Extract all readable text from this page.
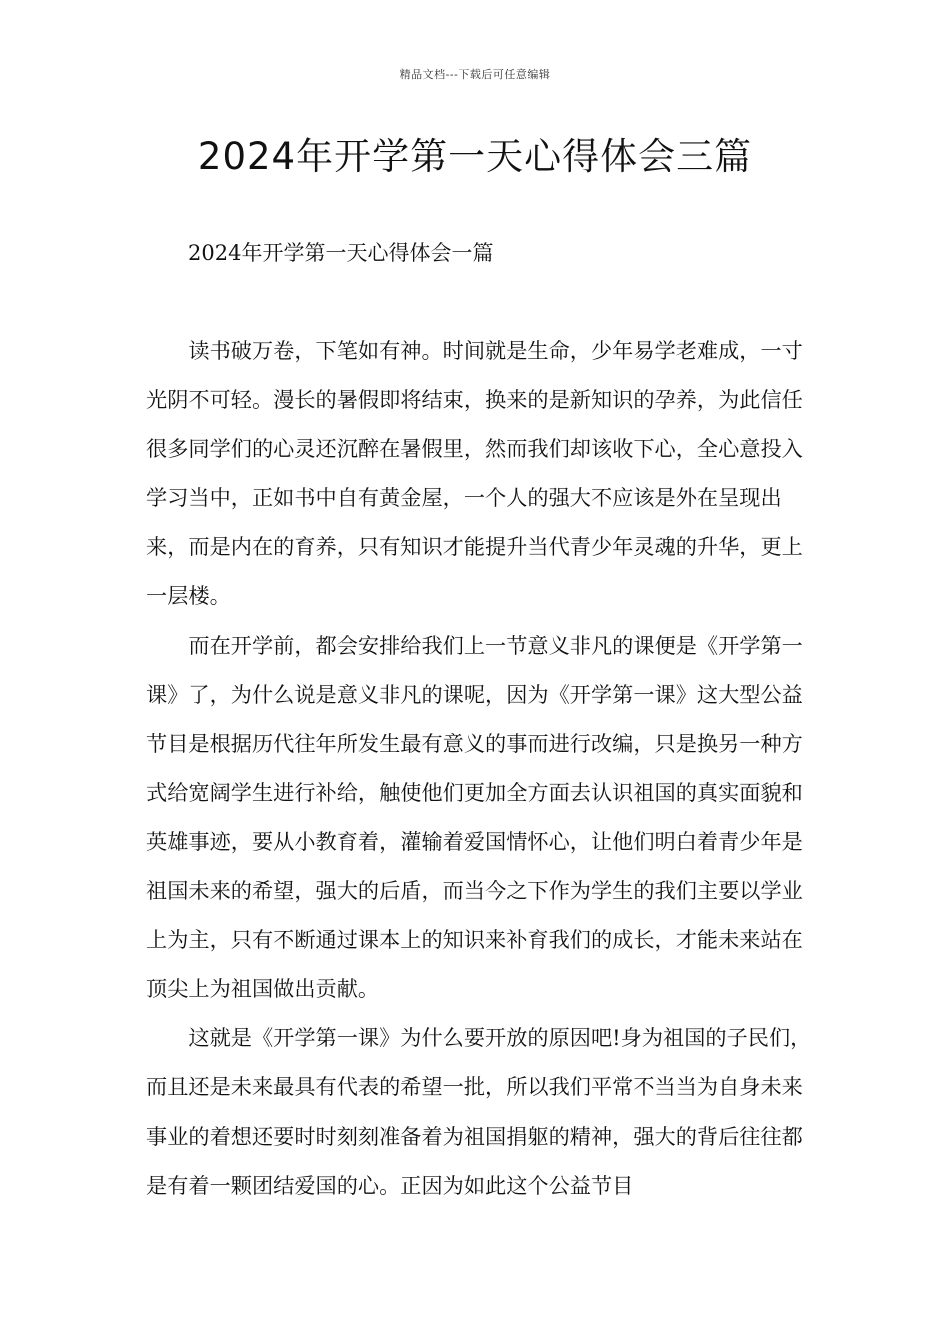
精品文档---下载后可任意编辑
2024年开学第一天心得体会三篇

2024年开学第一天心得体会一篇

读书破万卷，下笔如有神。时间就是生命，少年易学老难成，一寸光阴不可轻。漫长的暑假即将结束，换来的是新知识的孕养，为此信任很多同学们的心灵还沉醉在暑假里，然而我们却该收下心，全心意投入学习当中，正如书中自有黄金屋，一个人的强大不应该是外在呈现出来，而是内在的育养，只有知识才能提升当代青少年灵魂的升华，更上一层楼。

而在开学前，都会安排给我们上一节意义非凡的课便是《开学第一课》了，为什么说是意义非凡的课呢，因为《开学第一课》这大型公益节目是根据历代往年所发生最有意义的事而进行改编，只是换另一种方式给宽阔学生进行补给，触使他们更加全方面去认识祖国的真实面貌和英雄事迹，要从小教育着，灌输着爱国情怀心，让他们明白着青少年是祖国未来的希望，强大的后盾，而当今之下作为学生的我们主要以学业上为主，只有不断通过课本上的知识来补育我们的成长，才能未来站在顶尖上为祖国做出贡献。

这就是《开学第一课》为什么要开放的原因吧!身为祖国的子民们，而且还是未来最具有代表的希望一批，所以我们平常不当当为自身未来事业的着想还要时时刻刻准备着为祖国捐躯的精神，强大的背后往往都是有着一颗团结爱国的心。正因为如此这个公益节目
